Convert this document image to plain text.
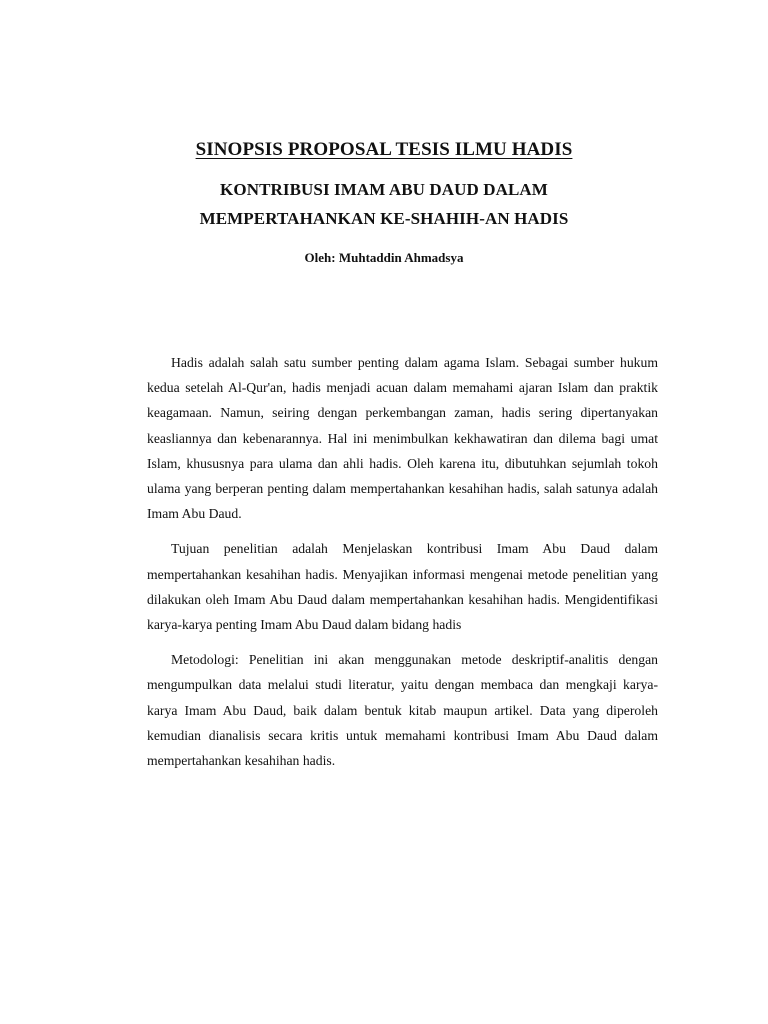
SINOPSIS PROPOSAL TESIS ILMU HADIS
KONTRIBUSI IMAM ABU DAUD DALAM
MEMPERTAHANKAN KE-SHAHIH-AN HADIS

Oleh: Muhtaddin Ahmadsya

Hadis adalah salah satu sumber penting dalam agama Islam. Sebagai sumber hukum kedua setelah Al-Qur'an, hadis menjadi acuan dalam memahami ajaran Islam dan praktik keagamaan. Namun, seiring dengan perkembangan zaman, hadis sering dipertanyakan keasliannya dan kebenarannya. Hal ini menimbulkan kekhawatiran dan dilema bagi umat Islam, khususnya para ulama dan ahli hadis. Oleh karena itu, dibutuhkan sejumlah tokoh ulama yang berperan penting dalam mempertahankan kesahihan hadis, salah satunya adalah Imam Abu Daud.

Tujuan penelitian adalah Menjelaskan kontribusi Imam Abu Daud dalam mempertahankan kesahihan hadis. Menyajikan informasi mengenai metode penelitian yang dilakukan oleh Imam Abu Daud dalam mempertahankan kesahihan hadis. Mengidentifikasi karya-karya penting Imam Abu Daud dalam bidang hadis

Metodologi: Penelitian ini akan menggunakan metode deskriptif-analitis dengan mengumpulkan data melalui studi literatur, yaitu dengan membaca dan mengkaji karya-karya Imam Abu Daud, baik dalam bentuk kitab maupun artikel. Data yang diperoleh kemudian dianalisis secara kritis untuk memahami kontribusi Imam Abu Daud dalam mempertahankan kesahihan hadis.
